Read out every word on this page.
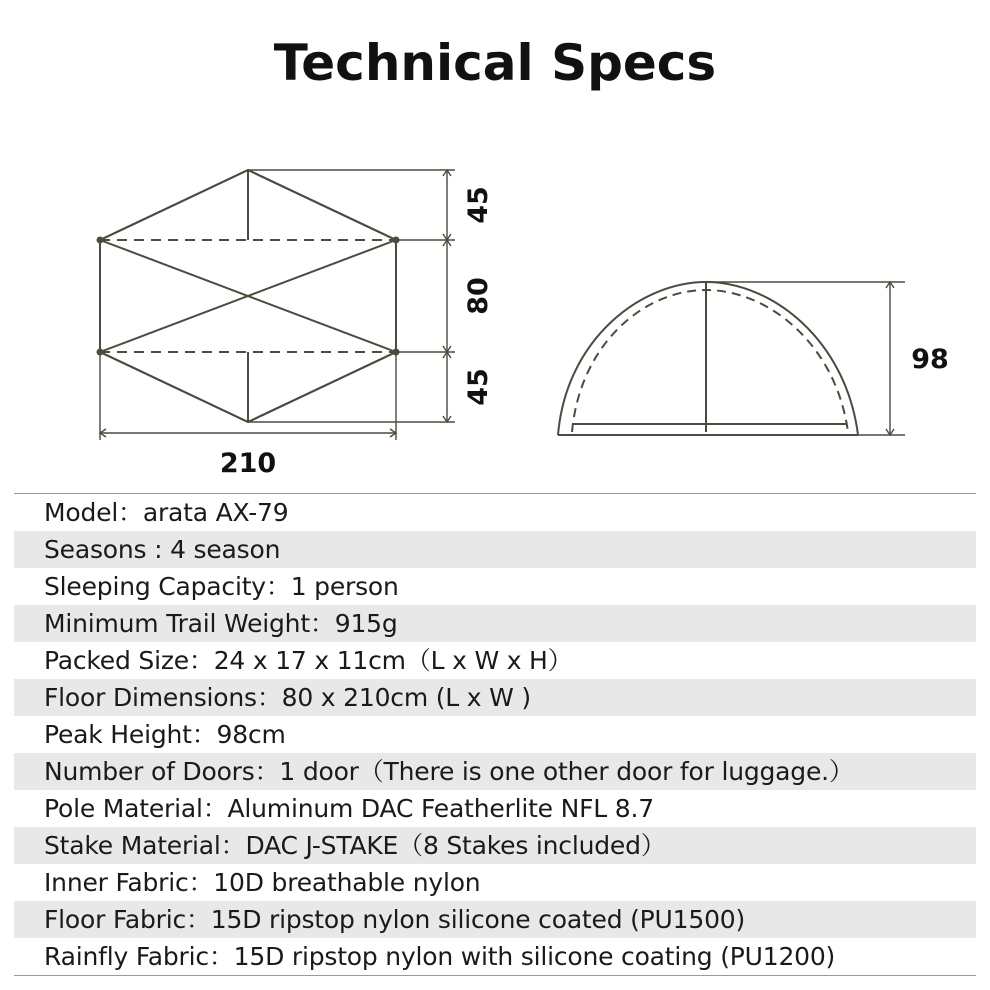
Technical Specs
45
80
45
210
98
Model：arata AX-79
Seasons : 4 season
Sleeping Capacity：1 person
Minimum Trail Weight：915g
Packed Size：24 x 17 x 11cm（L x W x H）
Floor Dimensions：80 x 210cm (L x W )
Peak Height：98cm
Number of Doors：1 door（There is one other door for luggage.）
Pole Material：Aluminum DAC Featherlite NFL 8.7
Stake Material：DAC J-STAKE（8 Stakes included）
Inner Fabric：10D breathable nylon
Floor Fabric：15D ripstop nylon silicone coated (PU1500)
Rainfly Fabric：15D ripstop nylon with silicone coating (PU1200)
